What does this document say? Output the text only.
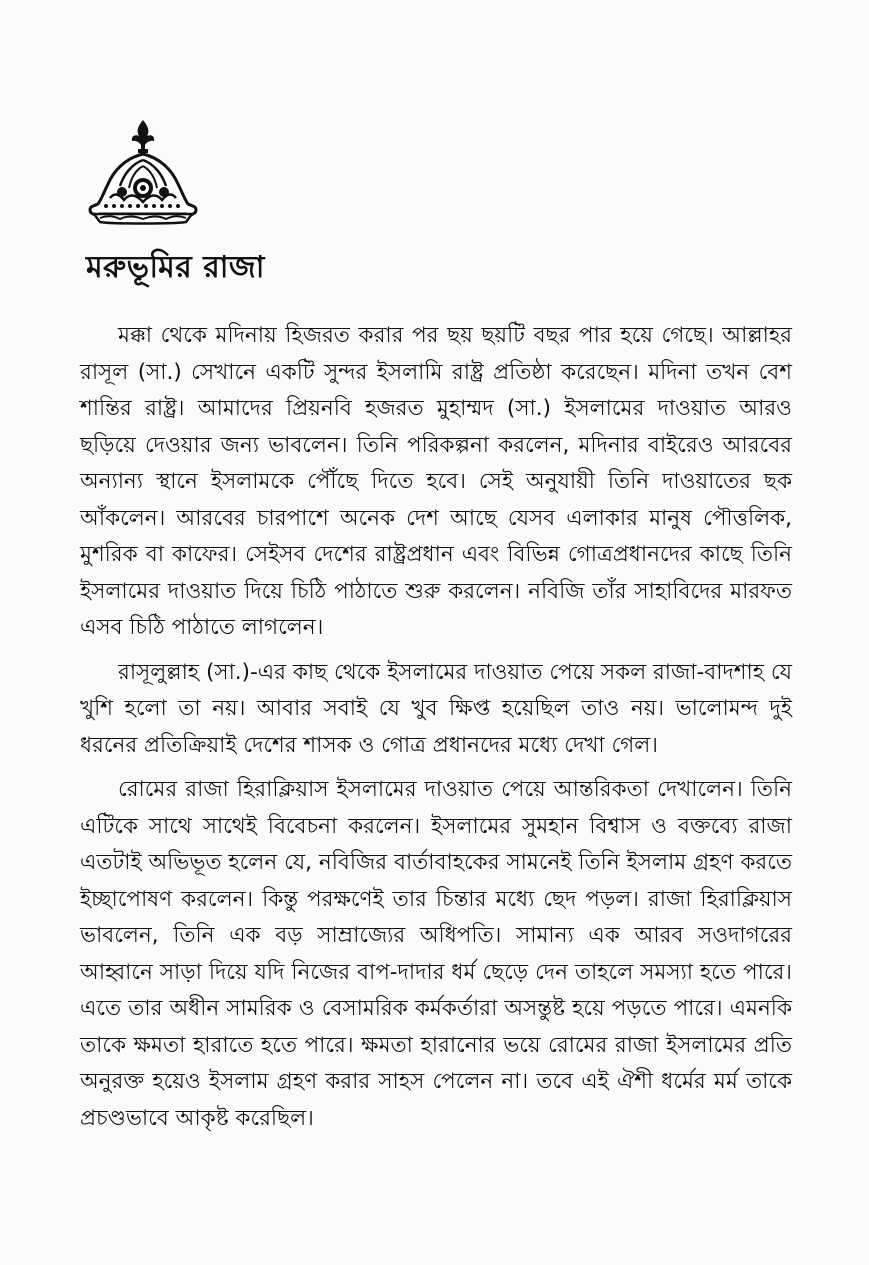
মরুভূমির রাজা

মক্কা থেকে মদিনায় হিজরত করার পর ছয় ছয়টি বছর পার হয়ে গেছে। আল্লাহর রাসূল (সা.) সেখানে একটি সুন্দর ইসলামি রাষ্ট্র প্রতিষ্ঠা করেছেন। মদিনা তখন বেশ শান্তির রাষ্ট্র। আমাদের প্রিয়নবি হজরত মুহাম্মদ (সা.) ইসলামের দাওয়াত আরও ছড়িয়ে দেওয়ার জন্য ভাবলেন। তিনি পরিকল্পনা করলেন, মদিনার বাইরেও আরবের অন্যান্য স্থানে ইসলামকে পৌঁছে দিতে হবে। সেই অনুযায়ী তিনি দাওয়াতের ছক আঁকলেন। আরবের চারপাশে অনেক দেশ আছে যেসব এলাকার মানুষ পৌত্তলিক, মুশরিক বা কাফের। সেইসব দেশের রাষ্ট্রপ্রধান এবং বিভিন্ন গোত্রপ্রধানদের কাছে তিনি ইসলামের দাওয়াত দিয়ে চিঠি পাঠাতে শুরু করলেন। নবিজি তাঁর সাহাবিদের মারফত এসব চিঠি পাঠাতে লাগলেন।

রাসূলুল্লাহ (সা.)-এর কাছ থেকে ইসলামের দাওয়াত পেয়ে সকল রাজা-বাদশাহ যে খুশি হলো তা নয়। আবার সবাই যে খুব ক্ষিপ্ত হয়েছিল তাও নয়। ভালোমন্দ দুই ধরনের প্রতিক্রিয়াই দেশের শাসক ও গোত্র প্রধানদের মধ্যে দেখা গেল।

রোমের রাজা হিরাক্লিয়াস ইসলামের দাওয়াত পেয়ে আন্তরিকতা দেখালেন। তিনি এটিকে সাথে সাথেই বিবেচনা করলেন। ইসলামের সুমহান বিশ্বাস ও বক্তব্যে রাজা এতটাই অভিভূত হলেন যে, নবিজির বার্তাবাহকের সামনেই তিনি ইসলাম গ্রহণ করতে ইচ্ছাপোষণ করলেন। কিন্তু পরক্ষণেই তার চিন্তার মধ্যে ছেদ পড়ল। রাজা হিরাক্লিয়াস ভাবলেন, তিনি এক বড় সাম্রাজ্যের অধিপতি। সামান্য এক আরব সওদাগরের আহ্বানে সাড়া দিয়ে যদি নিজের বাপ-দাদার ধর্ম ছেড়ে দেন তাহলে সমস্যা হতে পারে। এতে তার অধীন সামরিক ও বেসামরিক কর্মকর্তারা অসন্তুষ্ট হয়ে পড়তে পারে। এমনকি তাকে ক্ষমতা হারাতে হতে পারে। ক্ষমতা হারানোর ভয়ে রোমের রাজা ইসলামের প্রতি অনুরক্ত হয়েও ইসলাম গ্রহণ করার সাহস পেলেন না। তবে এই ঐশী ধর্মের মর্ম তাকে প্রচণ্ডভাবে আকৃষ্ট করেছিল।
